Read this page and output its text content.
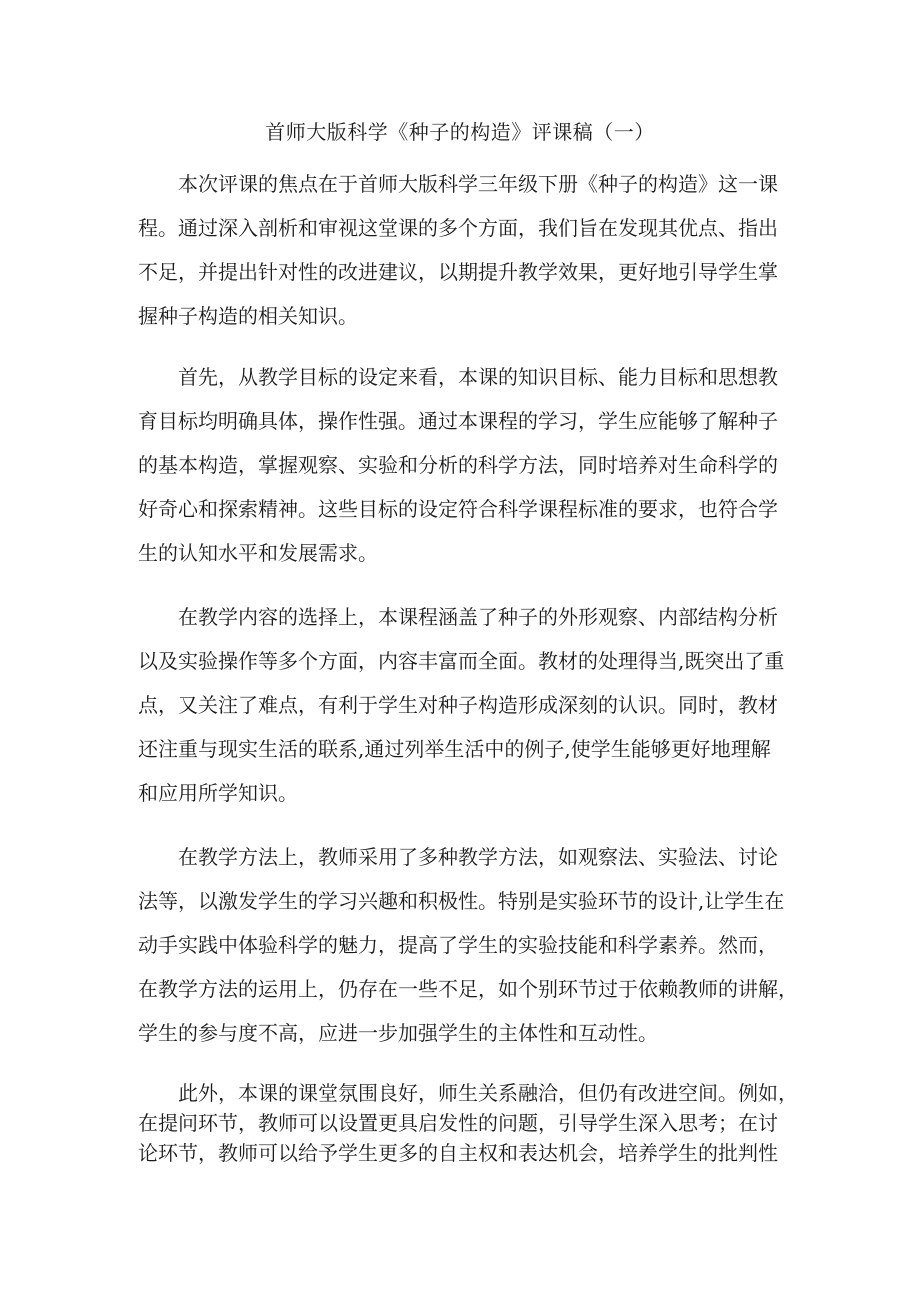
首师大版科学《种子的构造》评课稿（一）
本次评课的焦点在于首师大版科学三年级下册《种子的构造》这一课
程。通过深入剖析和审视这堂课的多个方面，我们旨在发现其优点、指出
不足，并提出针对性的改进建议，以期提升教学效果，更好地引导学生掌
握种子构造的相关知识。
首先，从教学目标的设定来看，本课的知识目标、能力目标和思想教
育目标均明确具体，操作性强。通过本课程的学习，学生应能够了解种子
的基本构造，掌握观察、实验和分析的科学方法，同时培养对生命科学的
好奇心和探索精神。这些目标的设定符合科学课程标准的要求，也符合学
生的认知水平和发展需求。
在教学内容的选择上，本课程涵盖了种子的外形观察、内部结构分析
以及实验操作等多个方面，内容丰富而全面。教材的处理得当,既突出了重
点，又关注了难点，有利于学生对种子构造形成深刻的认识。同时，教材
还注重与现实生活的联系,通过列举生活中的例子,使学生能够更好地理解
和应用所学知识。
在教学方法上，教师采用了多种教学方法，如观察法、实验法、讨论
法等，以激发学生的学习兴趣和积极性。特别是实验环节的设计,让学生在
动手实践中体验科学的魅力，提高了学生的实验技能和科学素养。然而，
在教学方法的运用上，仍存在一些不足，如个别环节过于依赖教师的讲解，
学生的参与度不高，应进一步加强学生的主体性和互动性。
此外，本课的课堂氛围良好，师生关系融洽，但仍有改进空间。例如，
在提问环节，教师可以设置更具启发性的问题，引导学生深入思考；在讨
论环节，教师可以给予学生更多的自主权和表达机会，培养学生的批判性
